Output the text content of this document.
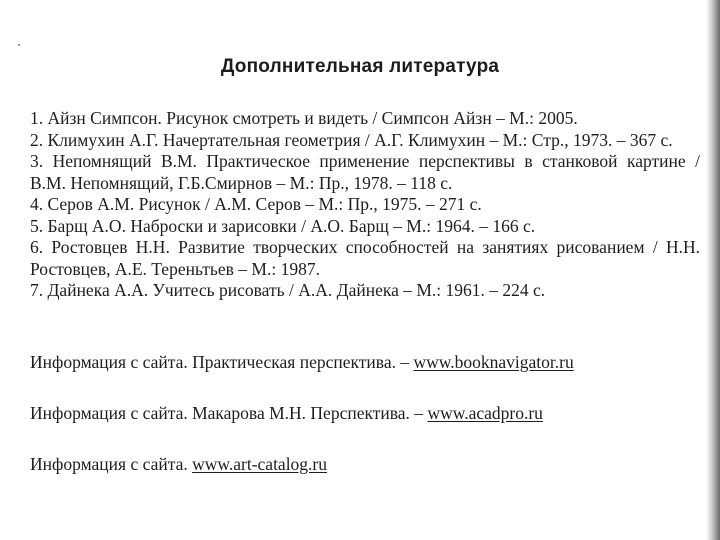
Дополнительная литература
1. Айзн Симпсон. Рисунок смотреть и видеть / Симпсон Айзн – М.: 2005.
2. Климухин А.Г. Начертательная геометрия / А.Г. Климухин – М.: Стр., 1973. – 367 с.
3. Непомнящий В.М. Практическое применение перспективы в станковой картине /
В.М. Непомнящий, Г.Б.Смирнов – М.: Пр., 1978. – 118 с.
4. Серов А.М. Рисунок / А.М. Серов – М.: Пр., 1975. – 271 с.
5. Барщ А.О. Наброски и зарисовки / А.О. Барщ – М.: 1964. – 166 с.
6. Ростовцев Н.Н. Развитие творческих способностей на занятиях рисованием / Н.Н.
Ростовцев, А.Е. Тереньтьев – М.: 1987.
7. Дайнека А.А. Учитесь рисовать / А.А. Дайнека – М.: 1961. – 224 с.
Информация с сайта. Практическая перспектива. – www.booknavigator.ru
Информация с сайта. Макарова М.Н. Перспектива. – www.acadpro.ru
Информация с сайта. www.art-catalog.ru
